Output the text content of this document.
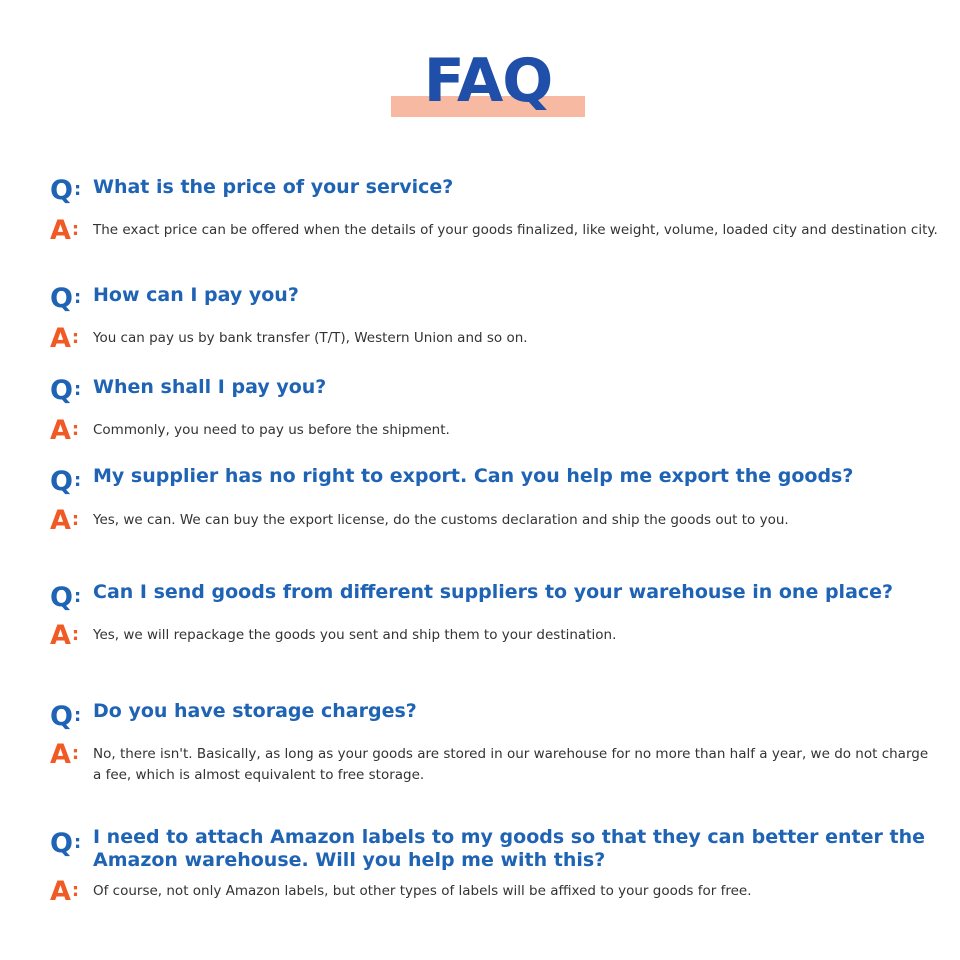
FAQ
Q: What is the price of your service?
A: The exact price can be offered when the details of your goods finalized, like weight, volume, loaded city and destination city.
Q: How can I pay you?
A: You can pay us by bank transfer (T/T), Western Union and so on.
Q: When shall I pay you?
A: Commonly, you need to pay us before the shipment.
Q: My supplier has no right to export. Can you help me export the goods?
A: Yes, we can. We can buy the export license, do the customs declaration and ship the goods out to you.
Q: Can I send goods from different suppliers to your warehouse in one place?
A: Yes, we will repackage the goods you sent and ship them to your destination.
Q: Do you have storage charges?
A: No, there isn't. Basically, as long as your goods are stored in our warehouse for no more than half a year, we do not charge a fee, which is almost equivalent to free storage.
Q: I need to attach Amazon labels to my goods so that they can better enter the Amazon warehouse. Will you help me with this?
A: Of course, not only Amazon labels, but other types of labels will be affixed to your goods for free.
